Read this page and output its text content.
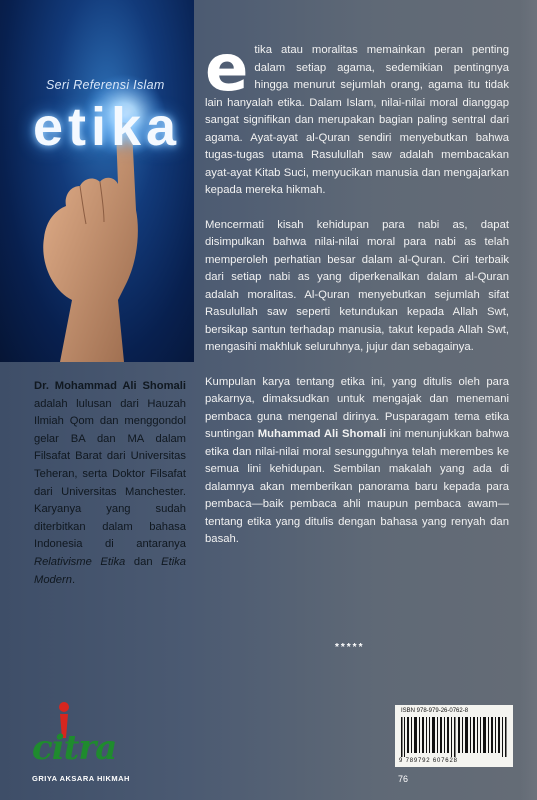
Seri Referensi Islam
etika
Dr. Mohammad Ali Shomali adalah lulusan dari Hauzah Ilmiah Qom dan menggondol gelar BA dan MA dalam Filsafat Barat dari Universitas Teheran, serta Doktor Filsafat dari Universitas Manchester. Karyanya yang sudah diterbitkan dalam bahasa Indonesia di antaranya Relativisme Etika dan Etika Modern.

etika atau moralitas memainkan peran penting dalam setiap agama, sedemikian pentingnya hingga menurut sejumlah orang, agama itu tidak lain hanyalah etika. Dalam Islam, nilai-nilai moral dianggap sangat signifikan dan merupakan bagian paling sentral dari agama. Ayat-ayat al-Quran sendiri menyebutkan bahwa tugas-tugas utama Rasulullah saw adalah membacakan ayat-ayat Kitab Suci, menyucikan manusia dan mengajarkan kepada mereka hikmah.

Mencermati kisah kehidupan para nabi as, dapat disimpulkan bahwa nilai-nilai moral para nabi as telah memperoleh perhatian besar dalam al-Quran. Ciri terbaik dari setiap nabi as yang diperkenalkan dalam al-Quran adalah moralitas. Al-Quran menyebutkan sejumlah sifat Rasulullah saw seperti ketundukan kepada Allah Swt, bersikap santun terhadap manusia, takut kepada Allah Swt, mengasihi makhluk seluruhnya, jujur dan sebagainya.

Kumpulan karya tentang etika ini, yang ditulis oleh para pakarnya, dimaksudkan untuk mengajak dan menemani pembaca guna mengenal dirinya. Pusparagam tema etika suntingan Muhammad Ali Shomali ini menunjukkan bahwa etika dan nilai-nilai moral sesungguhnya telah merembes ke semua lini kehidupan. Sembilan makalah yang ada di dalamnya akan memberikan panorama baru kepada para pembaca—baik pembaca ahli maupun pembaca awam—tentang etika yang ditulis dengan bahasa yang renyah dan basah.

*****
citra
GRIYA AKSARA HIKMAH
ISBN 978-979-26-0762-8
9 789792 607628
76
